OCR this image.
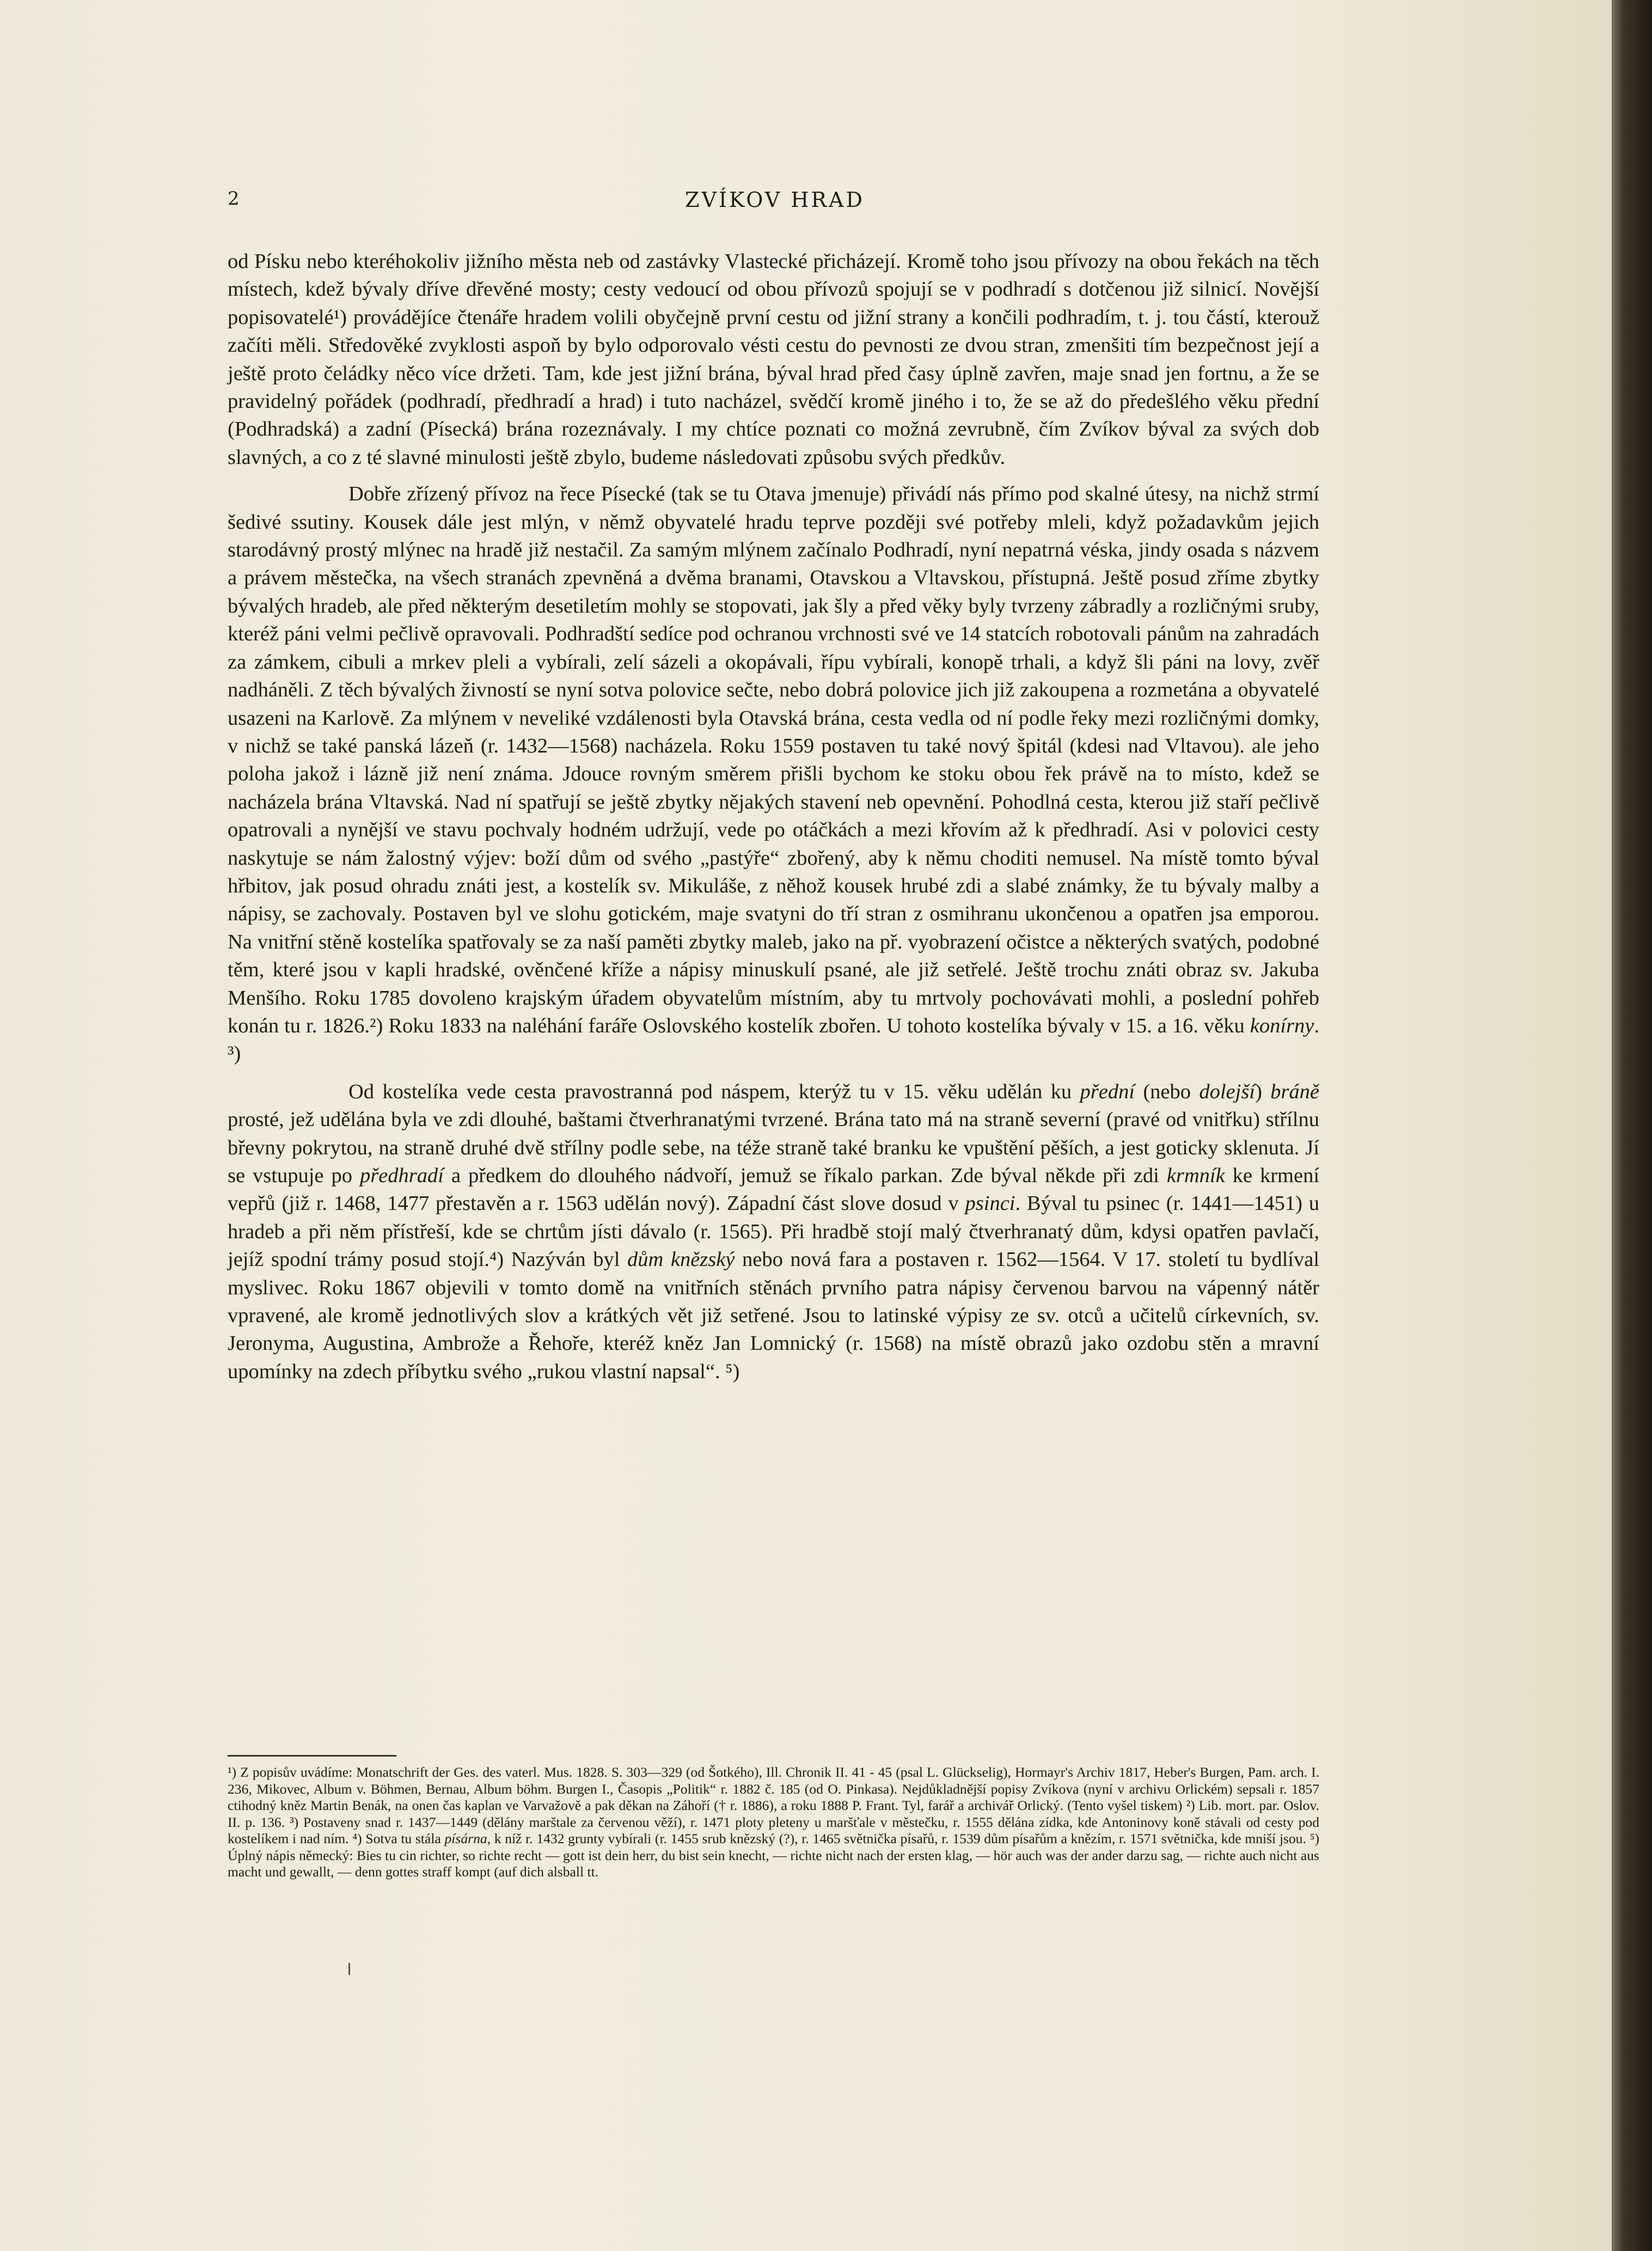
2	ZVÍKOV HRAD

od Písku nebo kteréhokoliv jižního města neb od zastávky Vlastecké přicházejí. Kromě toho jsou přívozy na obou řekách na těch místech, kdež bývaly dříve dřevěné mosty; cesty vedoucí od obou přívozů spojují se v podhradí s dotčenou již silnicí. Novější popisovatelé¹) provádějíce čtenáře hradem volili obyčejně první cestu od jižní strany a končili podhradím, t. j. tou částí, kterouž začíti měli. Středověké zvyklosti aspoň by bylo odporovalo vésti cestu do pevnosti ze dvou stran, zmenšiti tím bezpečnost její a ještě proto čeládky něco více držeti. Tam, kde jest jižní brána, býval hrad před časy úplně zavřen, maje snad jen fortnu, a že se pravidelný pořádek (podhradí, předhradí a hrad) i tuto nacházel, svědčí kromě jiného i to, že se až do předešlého věku přední (Podhradská) a zadní (Písecká) brána rozeznávaly. I my chtíce poznati co možná zevrubně, čím Zvíkov býval za svých dob slavných, a co z té slavné minulosti ještě zbylo, budeme následovati způsobu svých předkův.

Dobře zřízený přívoz na řece Písecké (tak se tu Otava jmenuje) přivádí nás přímo pod skalné útesy, na nichž strmí šedivé ssutiny. Kousek dále jest mlýn, v němž obyvatelé hradu teprve později své potřeby mleli, když požadavkům jejich starodávný prostý mlýnec na hradě již nestačil. Za samým mlýnem začínalo Podhradí, nyní nepatrná véska, jindy osada s názvem a právem městečka, na všech stranách zpevněná a dvěma branami, Otavskou a Vltavskou, přístupná. Ještě posud zříme zbytky bývalých hradeb, ale před některým desetiletím mohly se stopovati, jak šly a před věky byly tvrzeny zábradly a rozličnými sruby, kteréž páni velmi pečlivě opravovali. Podhradští sedíce pod ochranou vrchnosti své ve 14 statcích robotovali pánům na zahradách za zámkem, cibuli a mrkev pleli a vybírali, zelí sázeli a okopávali, řípu vybírali, konopě trhali, a když šli páni na lovy, zvěř nadháněli. Z těch bývalých živností se nyní sotva polovice sečte, nebo dobrá polovice jich již zakoupena a rozmetána a obyvatelé usazeni na Karlově. Za mlýnem v neveliké vzdálenosti byla Otavská brána, cesta vedla od ní podle řeky mezi rozličnými domky, v nichž se také panská lázeň (r. 1432—1568) nacházela. Roku 1559 postaven tu také nový špitál (kdesi nad Vltavou). ale jeho poloha jakož i lázně již není známa. Jdouce rovným směrem přišli bychom ke stoku obou řek právě na to místo, kdež se nacházela brána Vltavská. Nad ní spatřují se ještě zbytky nějakých stavení neb opevnění. Pohodlná cesta, kterou již staří pečlivě opatrovali a nynější ve stavu pochvaly hodném udržují, vede po otáčkách a mezi křovím až k předhradí. Asi v polovici cesty naskytuje se nám žalostný výjev: boží dům od svého „pastýře“ zbořený, aby k němu choditi nemusel. Na místě tomto býval hřbitov, jak posud ohradu znáti jest, a kostelík sv. Mikuláše, z něhož kousek hrubé zdi a slabé známky, že tu bývaly malby a nápisy, se zachovaly. Postaven byl ve slohu gotickém, maje svatyni do tří stran z osmihranu ukončenou a opatřen jsa emporou. Na vnitřní stěně kostelíka spatřovaly se za naší paměti zbytky maleb, jako na př. vyobrazení očistce a některých svatých, podobné těm, které jsou v kapli hradské, ověnčené kříže a nápisy minuskulí psané, ale již setřelé. Ještě trochu znáti obraz sv. Jakuba Menšího. Roku 1785 dovoleno krajským úřadem obyvatelům místním, aby tu mrtvoly pochovávati mohli, a poslední pohřeb konán tu r. 1826.²) Roku 1833 na naléhání faráře Oslovského kostelík zbořen. U tohoto kostelíka bývaly v 15. a 16. věku konírny. ³)

Od kostelíka vede cesta pravostranná pod náspem, kterýž tu v 15. věku udělán ku přední (nebo dolejší) bráně prosté, jež udělána byla ve zdi dlouhé, baštami čtverhranatými tvrzené. Brána tato má na straně severní (pravé od vnitřku) střílnu břevny pokrytou, na straně druhé dvě střílny podle sebe, na téže straně také branku ke vpuštění pěších, a jest goticky sklenuta. Jí se vstupuje po předhradí a předkem do dlouhého nádvoří, jemuž se říkalo parkan. Zde býval někde při zdi krmník ke krmení vepřů (již r. 1468, 1477 přestavěn a r. 1563 udělán nový). Západní část slove dosud v psinci. Býval tu psinec (r. 1441—1451) u hradeb a při něm přístřeší, kde se chrtům jísti dávalo (r. 1565). Při hradbě stojí malý čtverhranatý dům, kdysi opatřen pavlačí, jejíž spodní trámy posud stojí.⁴) Nazýván byl dům knězský nebo nová fara a postaven r. 1562—1564. V 17. století tu bydlíval myslivec. Roku 1867 objevili v tomto domě na vnitřních stěnách prvního patra nápisy červenou barvou na vápenný nátěr vpravené, ale kromě jednotlivých slov a krátkých vět již setřené. Jsou to latinské výpisy ze sv. otců a učitelů církevních, sv. Jeronyma, Augustina, Ambrože a Řehoře, kteréž kněz Jan Lomnický (r. 1568) na místě obrazů jako ozdobu stěn a mravní upomínky na zdech příbytku svého „rukou vlastní napsal“. ⁵)

¹) Z popisův uvádíme: Monatschrift der Ges. des vaterl. Mus. 1828. S. 303—329 (od Šotkého), Ill. Chronik II. 41 - 45 (psal L. Glückselig), Hormayr's Archiv 1817, Heber's Burgen, Pam. arch. I. 236, Mikovec, Album v. Böhmen, Bernau, Album böhm. Burgen I., Časopis „Politik“ r. 1882 č. 185 (od O. Pinkasa). Nejdůkladnější popisy Zvíkova (nyní v archivu Orlickém) sepsali r. 1857 ctihodný kněz Martin Benák, na onen čas kaplan ve Varvažově a pak děkan na Záhoří († r. 1886), a roku 1888 P. Frant. Tyl, farář a archivář Orlický. (Tento vyšel tiskem) ²) Lib. mort. par. Oslov. II. p. 136. ³) Postaveny snad r. 1437—1449 (dělány marštale za červenou věží), r. 1471 ploty pleteny u maršťale v městečku, r. 1555 dělána zídka, kde Antoninovy koně stávali od cesty pod kostelíkem i nad ním. ⁴) Sotva tu stála písárna, k níž r. 1432 grunty vybírali (r. 1455 srub knězský (?), r. 1465 světnička písařů, r. 1539 dům písařům a knězím, r. 1571 světnička, kde mniší jsou. ⁵) Úplný nápis německý: Bies tu cin richter, so richte recht — gott ist dein herr, du bist sein knecht, — richte nicht nach der ersten klag, — hör auch was der ander darzu sag, — richte auch nicht aus macht und gewallt, — denn gottes straff kompt (auf dich alsball tt.
